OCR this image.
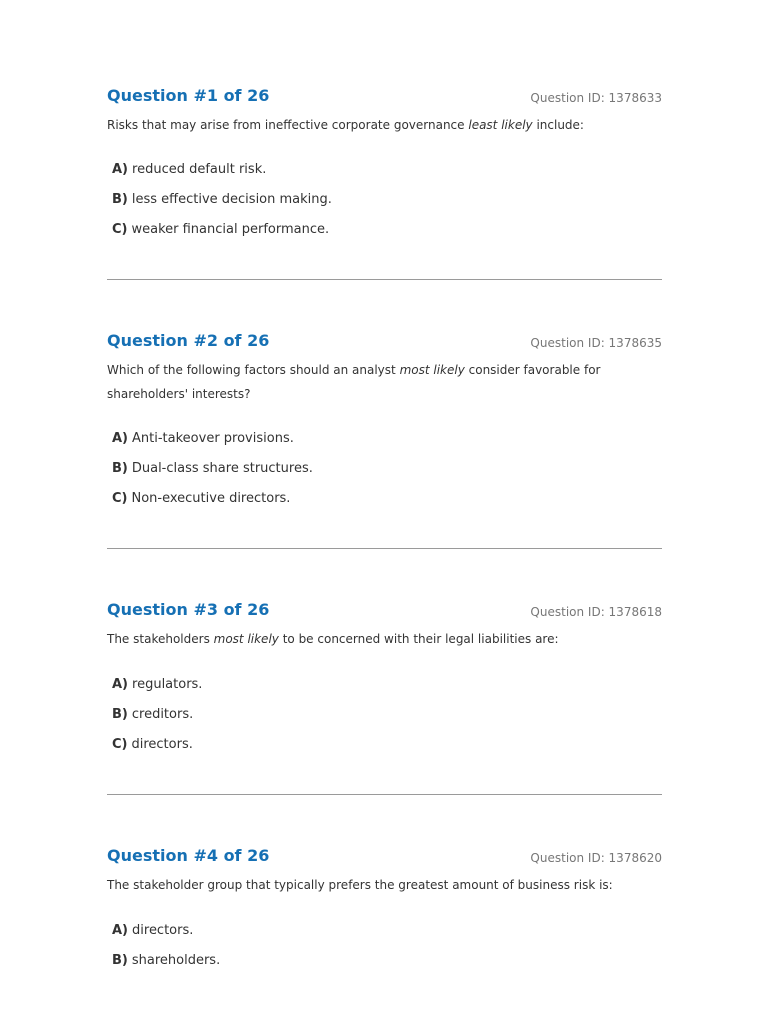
Question #1 of 26	Question ID: 1378633
Risks that may arise from ineffective corporate governance least likely include:
A) reduced default risk.
B) less effective decision making.
C) weaker financial performance.
Question #2 of 26	Question ID: 1378635
Which of the following factors should an analyst most likely consider favorable for shareholders' interests?
A) Anti-takeover provisions.
B) Dual-class share structures.
C) Non-executive directors.
Question #3 of 26	Question ID: 1378618
The stakeholders most likely to be concerned with their legal liabilities are:
A) regulators.
B) creditors.
C) directors.
Question #4 of 26	Question ID: 1378620
The stakeholder group that typically prefers the greatest amount of business risk is:
A) directors.
B) shareholders.
